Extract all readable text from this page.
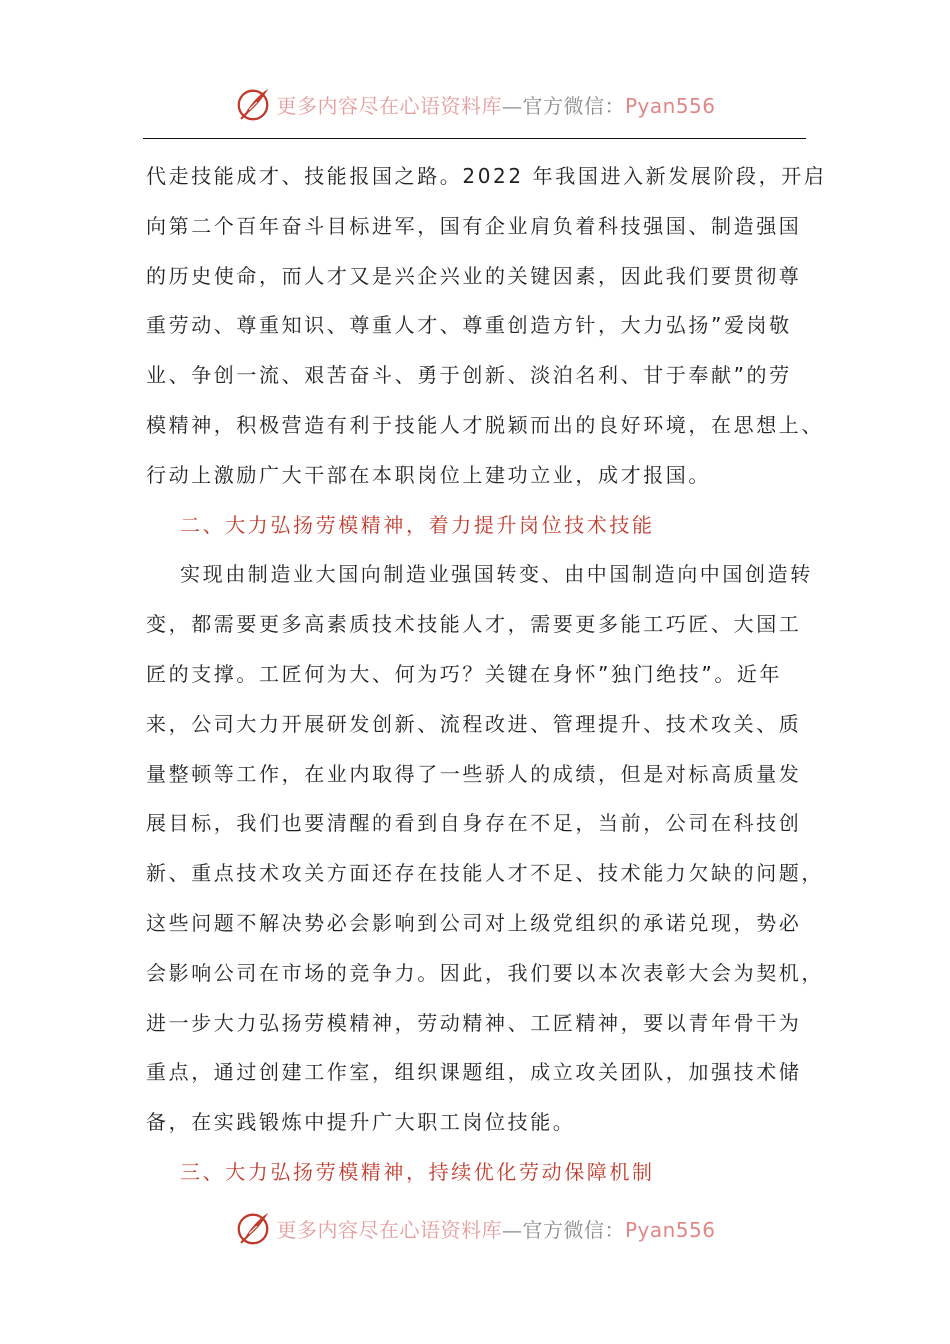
更多内容尽在心语资料库—官方微信：Pyan556
代走技能成才、技能报国之路。2022 年我国进入新发展阶段，开启
向第二个百年奋斗目标进军，国有企业肩负着科技强国、制造强国
的历史使命，而人才又是兴企兴业的关键因素，因此我们要贯彻尊
重劳动、尊重知识、尊重人才、尊重创造方针，大力弘扬”爱岗敬
业、争创一流、艰苦奋斗、勇于创新、淡泊名利、甘于奉献”的劳
模精神，积极营造有利于技能人才脱颖而出的良好环境，在思想上、
行动上激励广大干部在本职岗位上建功立业，成才报国。
二、大力弘扬劳模精神，着力提升岗位技术技能
实现由制造业大国向制造业强国转变、由中国制造向中国创造转
变，都需要更多高素质技术技能人才，需要更多能工巧匠、大国工
匠的支撑。工匠何为大、何为巧？关键在身怀”独门绝技”。近年
来，公司大力开展研发创新、流程改进、管理提升、技术攻关、质
量整顿等工作，在业内取得了一些骄人的成绩，但是对标高质量发
展目标，我们也要清醒的看到自身存在不足，当前，公司在科技创
新、重点技术攻关方面还存在技能人才不足、技术能力欠缺的问题，
这些问题不解决势必会影响到公司对上级党组织的承诺兑现，势必
会影响公司在市场的竞争力。因此，我们要以本次表彰大会为契机，
进一步大力弘扬劳模精神，劳动精神、工匠精神，要以青年骨干为
重点，通过创建工作室，组织课题组，成立攻关团队，加强技术储
备，在实践锻炼中提升广大职工岗位技能。
三、大力弘扬劳模精神，持续优化劳动保障机制
更多内容尽在心语资料库—官方微信：Pyan556
